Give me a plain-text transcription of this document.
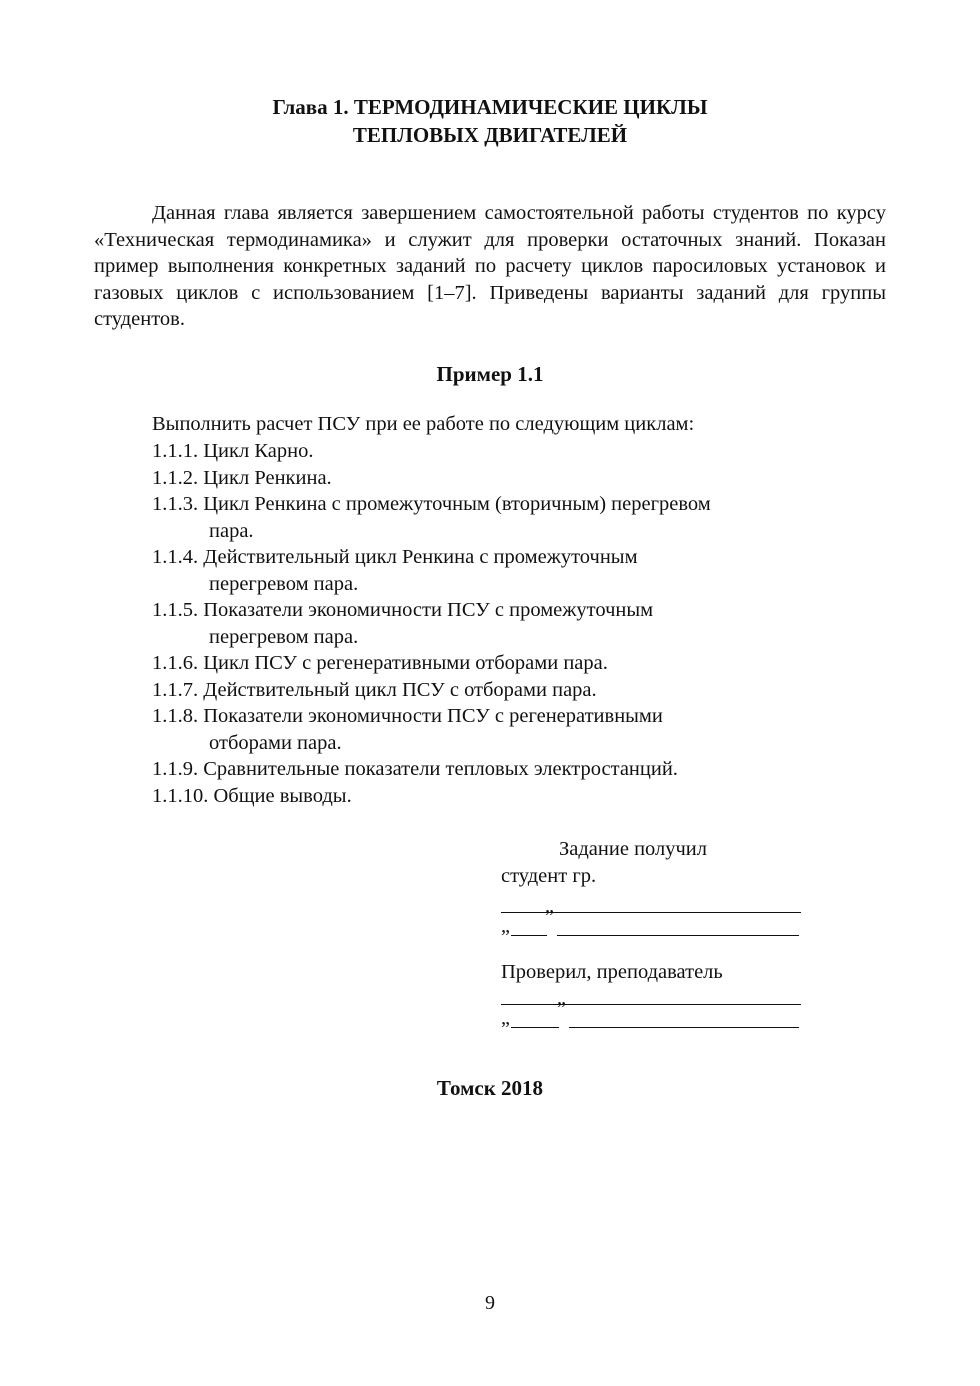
Глава 1. ТЕРМОДИНАМИЧЕСКИЕ ЦИКЛЫ
ТЕПЛОВЫХ ДВИГАТЕЛЕЙ

Данная глава является завершением самостоятельной работы студентов по курсу «Техническая термодинамика» и служит для проверки остаточных знаний. Показан пример выполнения конкретных заданий по расчету циклов паросиловых установок и газовых циклов с использованием [1–7]. Приведены варианты заданий для группы студентов.

Пример 1.1

Выполнить расчет ПСУ при ее работе по следующим циклам:

1.1.1. Цикл Карно.
1.1.2. Цикл Ренкина.
1.1.3. Цикл Ренкина с промежуточным (вторичным) перегревом
пара.
1.1.4. Действительный цикл Ренкина с промежуточным
перегревом пара.
1.1.5. Показатели экономичности ПСУ с промежуточным
перегревом пара.
1.1.6. Цикл ПСУ с регенеративными отборами пара.
1.1.7. Действительный цикл ПСУ с отборами пара.
1.1.8. Показатели экономичности ПСУ с регенеративными
отборами пара.
1.1.9. Сравнительные показатели тепловых электростанций.
1.1.10. Общие выводы.
Задание получил
студент гр.
„ ”
Проверил, преподаватель
„ ”
Томск 2018
9
